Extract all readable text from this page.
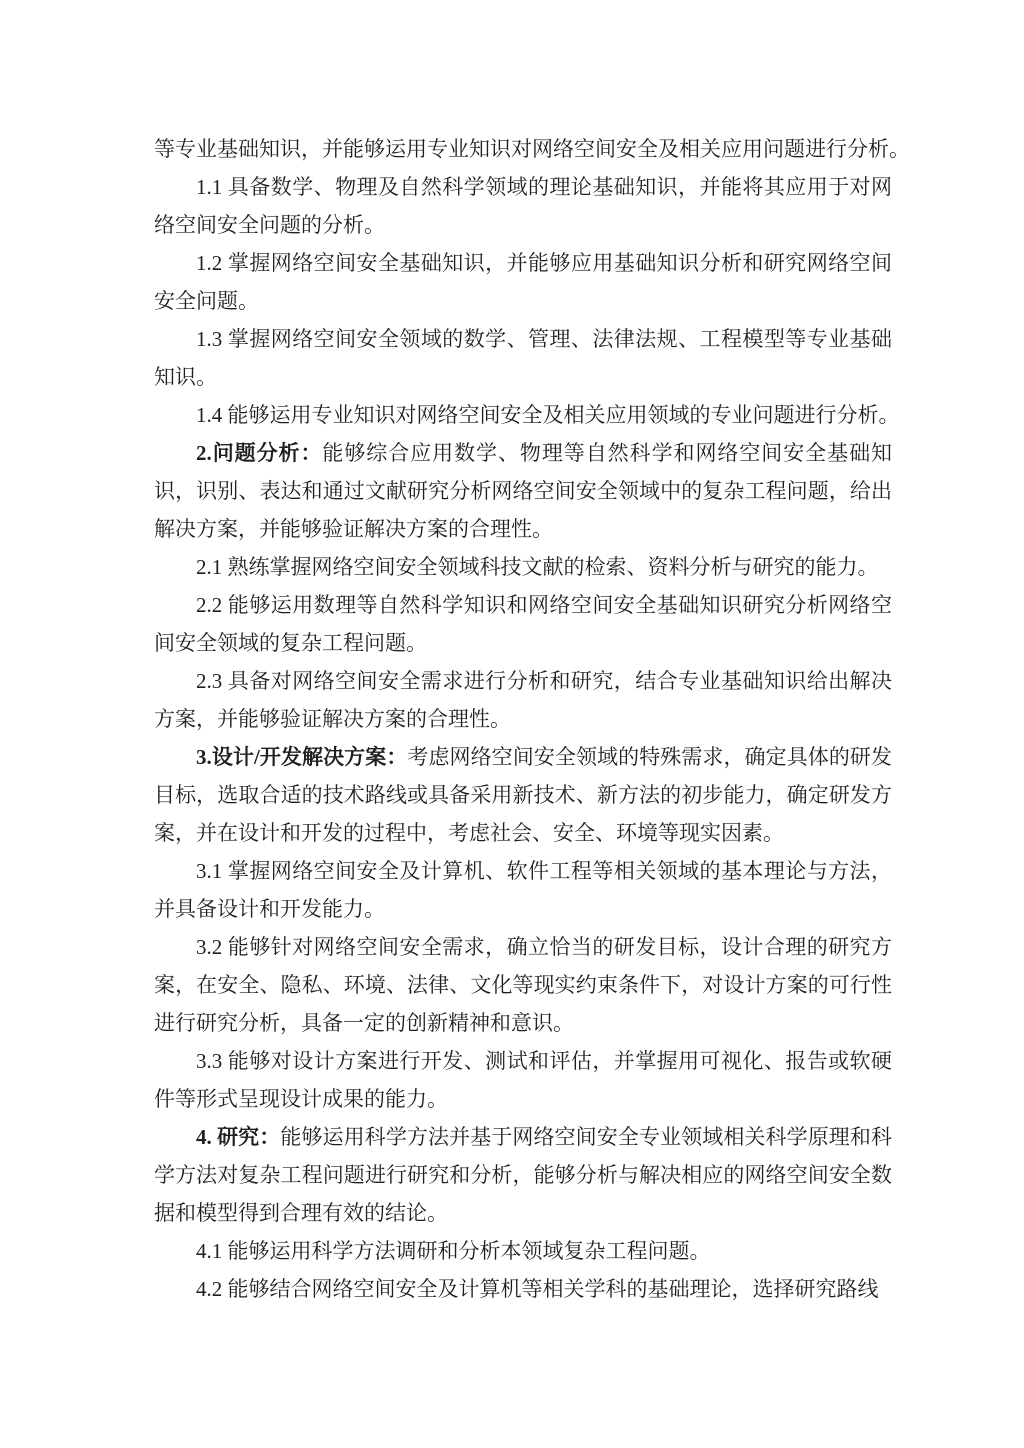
等专业基础知识，并能够运用专业知识对网络空间安全及相关应用问题进行分析。

1.1 具备数学、物理及自然科学领域的理论基础知识，并能将其应用于对网络空间安全问题的分析。

1.2 掌握网络空间安全基础知识，并能够应用基础知识分析和研究网络空间安全问题。

1.3 掌握网络空间安全领域的数学、管理、法律法规、工程模型等专业基础知识。

1.4 能够运用专业知识对网络空间安全及相关应用领域的专业问题进行分析。

2.问题分析：能够综合应用数学、物理等自然科学和网络空间安全基础知识，识别、表达和通过文献研究分析网络空间安全领域中的复杂工程问题，给出解决方案，并能够验证解决方案的合理性。

2.1 熟练掌握网络空间安全领域科技文献的检索、资料分析与研究的能力。

2.2 能够运用数理等自然科学知识和网络空间安全基础知识研究分析网络空间安全领域的复杂工程问题。

2.3 具备对网络空间安全需求进行分析和研究，结合专业基础知识给出解决方案，并能够验证解决方案的合理性。

3.设计/开发解决方案：考虑网络空间安全领域的特殊需求，确定具体的研发目标，选取合适的技术路线或具备采用新技术、新方法的初步能力，确定研发方案，并在设计和开发的过程中，考虑社会、安全、环境等现实因素。

3.1 掌握网络空间安全及计算机、软件工程等相关领域的基本理论与方法，并具备设计和开发能力。

3.2 能够针对网络空间安全需求，确立恰当的研发目标，设计合理的研究方案，在安全、隐私、环境、法律、文化等现实约束条件下，对设计方案的可行性进行研究分析，具备一定的创新精神和意识。

3.3 能够对设计方案进行开发、测试和评估，并掌握用可视化、报告或软硬件等形式呈现设计成果的能力。

4. 研究：能够运用科学方法并基于网络空间安全专业领域相关科学原理和科学方法对复杂工程问题进行研究和分析，能够分析与解决相应的网络空间安全数据和模型得到合理有效的结论。

4.1 能够运用科学方法调研和分析本领域复杂工程问题。

4.2 能够结合网络空间安全及计算机等相关学科的基础理论，选择研究路线
